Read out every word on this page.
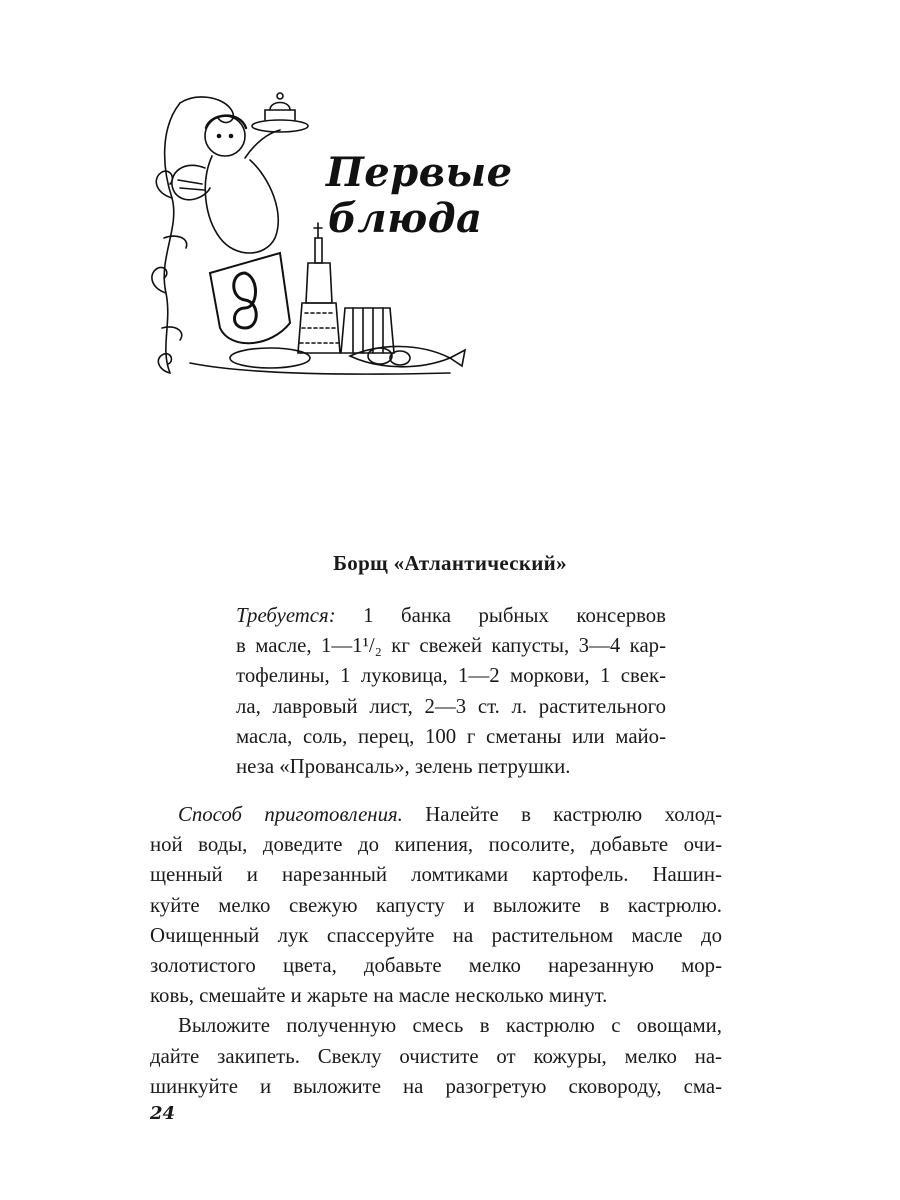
Первые
блюда
Борщ «Атлантический»
Требуется: 1 банка рыбных консервов
в масле, 1—1¹/₂ кг свежей капусты, 3—4 кар-
тофелины, 1 луковица, 1—2 моркови, 1 свек-
ла, лавровый лист, 2—3 ст. л. растительного
масла, соль, перец, 100 г сметаны или майо-
неза «Провансаль», зелень петрушки.
Способ приготовления. Налейте в кастрюлю холод-
ной воды, доведите до кипения, посолите, добавьте очи-
щенный и нарезанный ломтиками картофель. Нашин-
куйте мелко свежую капусту и выложите в кастрюлю.
Очищенный лук спассеруйте на растительном масле до
золотистого цвета, добавьте мелко нарезанную мор-
ковь, смешайте и жарьте на масле несколько минут.
Выложите полученную смесь в кастрюлю с овощами,
дайте закипеть. Свеклу очистите от кожуры, мелко на-
шинкуйте и выложите на разогретую сковороду, сма-
24
